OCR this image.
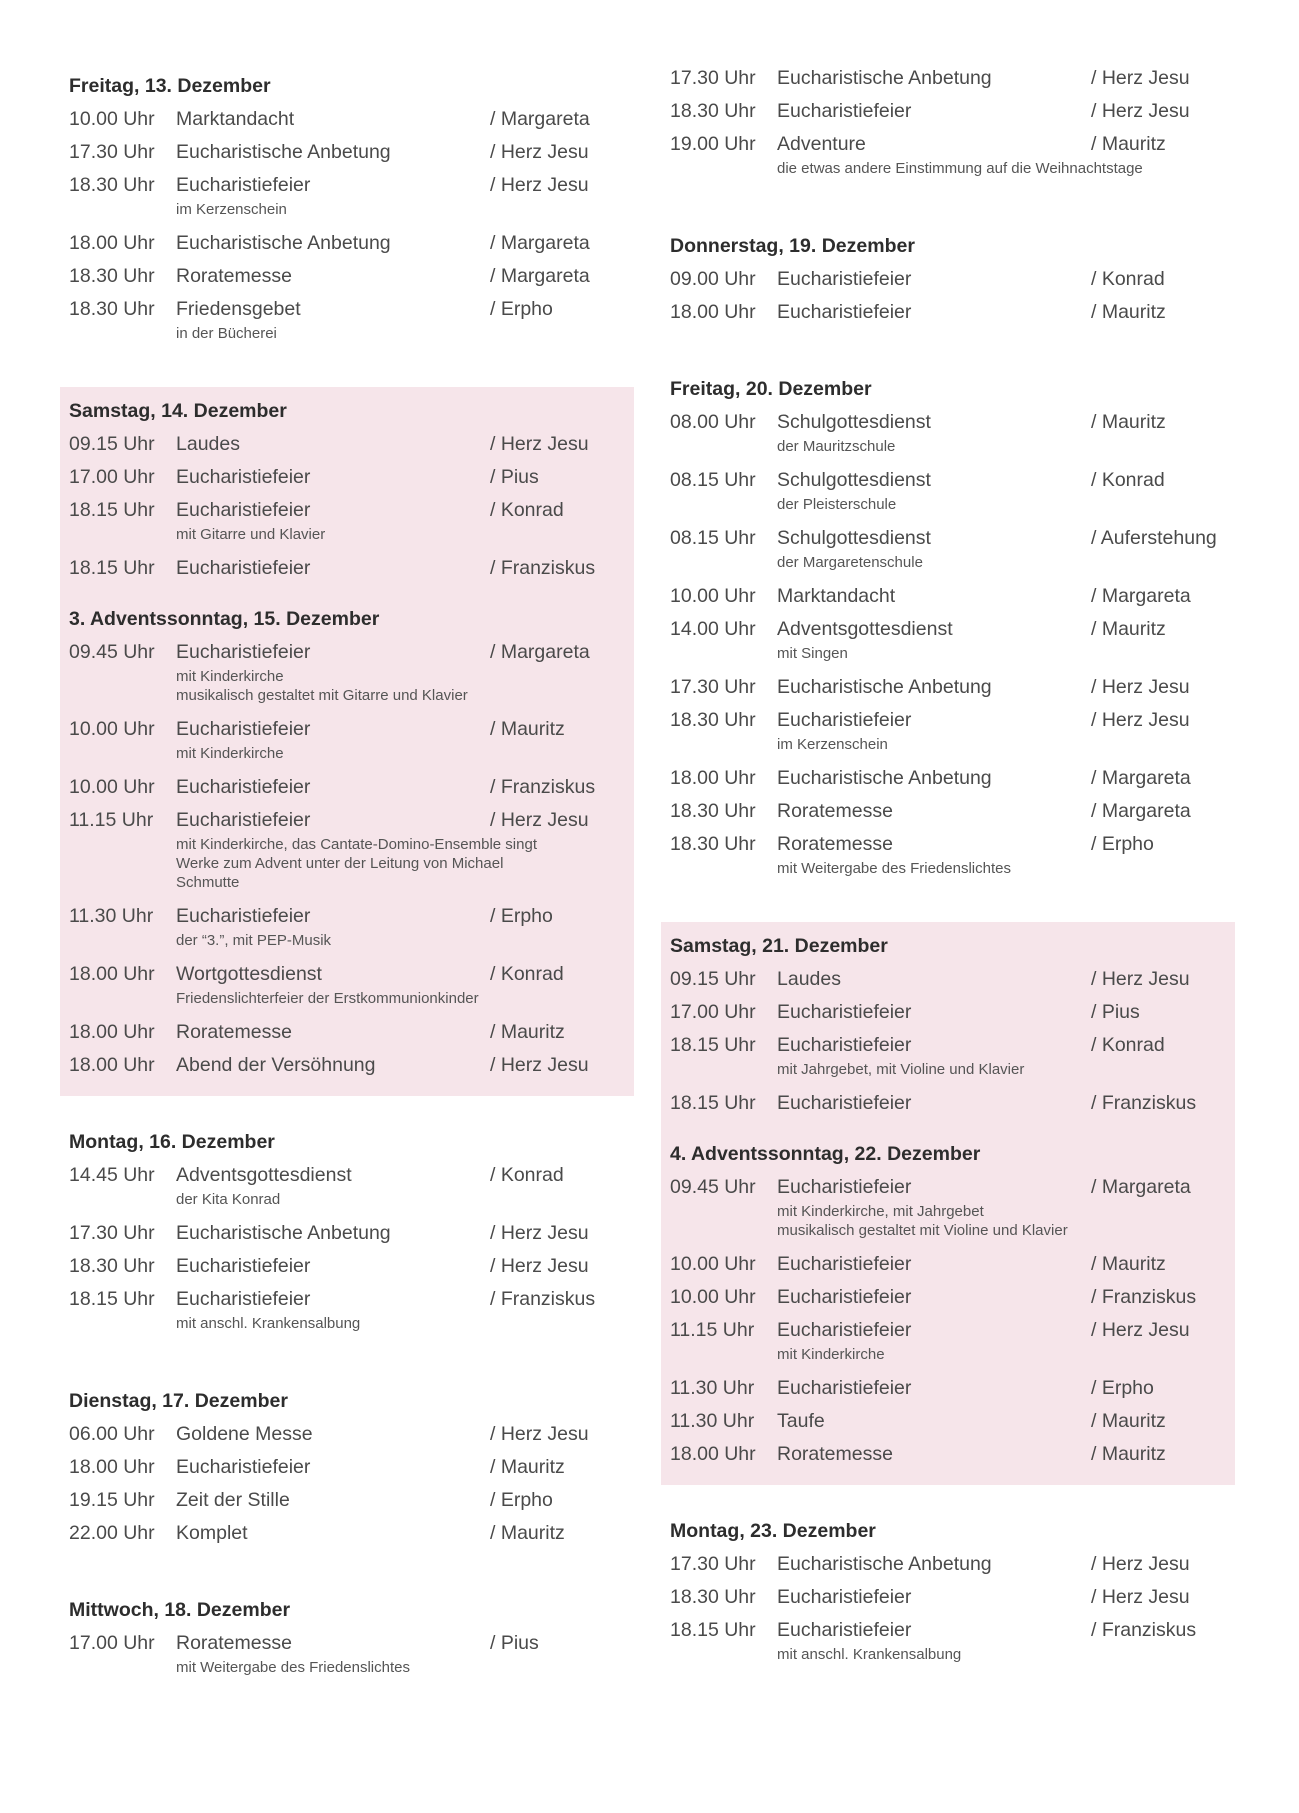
Freitag, 13. Dezember
10.00 Uhr	Marktandacht	/ Margareta
17.30 Uhr	Eucharistische Anbetung	/ Herz Jesu
18.30 Uhr	Eucharistiefeier	/ Herz Jesu
im Kerzenschein
18.00 Uhr	Eucharistische Anbetung	/ Margareta
18.30 Uhr	Roratemesse	/ Margareta
18.30 Uhr	Friedensgebet	/ Erpho
in der Bücherei
Samstag, 14. Dezember
09.15 Uhr	Laudes	/ Herz Jesu
17.00 Uhr	Eucharistiefeier	/ Pius
18.15 Uhr	Eucharistiefeier	/ Konrad
mit Gitarre und Klavier
18.15 Uhr	Eucharistiefeier	/ Franziskus
3. Adventssonntag, 15. Dezember
09.45 Uhr	Eucharistiefeier	/ Margareta
mit Kinderkirche
musikalisch gestaltet mit Gitarre und Klavier
10.00 Uhr	Eucharistiefeier	/ Mauritz
mit Kinderkirche
10.00 Uhr	Eucharistiefeier	/ Franziskus
11.15 Uhr	Eucharistiefeier	/ Herz Jesu
mit Kinderkirche, das Cantate-Domino-Ensemble singt
Werke zum Advent unter der Leitung von Michael
Schmutte
11.30 Uhr	Eucharistiefeier	/ Erpho
der “3.”, mit PEP-Musik
18.00 Uhr	Wortgottesdienst	/ Konrad
Friedenslichterfeier der Erstkommunionkinder
18.00 Uhr	Roratemesse	/ Mauritz
18.00 Uhr	Abend der Versöhnung	/ Herz Jesu
Montag, 16. Dezember
14.45 Uhr	Adventsgottesdienst	/ Konrad
der Kita Konrad
17.30 Uhr	Eucharistische Anbetung	/ Herz Jesu
18.30 Uhr	Eucharistiefeier	/ Herz Jesu
18.15 Uhr	Eucharistiefeier	/ Franziskus
mit anschl. Krankensalbung
Dienstag, 17. Dezember
06.00 Uhr	Goldene Messe	/ Herz Jesu
18.00 Uhr	Eucharistiefeier	/ Mauritz
19.15 Uhr	Zeit der Stille	/ Erpho
22.00 Uhr	Komplet	/ Mauritz
Mittwoch, 18. Dezember
17.00 Uhr	Roratemesse	/ Pius
mit Weitergabe des Friedenslichtes
17.30 Uhr	Eucharistische Anbetung	/ Herz Jesu
18.30 Uhr	Eucharistiefeier	/ Herz Jesu
19.00 Uhr	Adventure	/ Mauritz
die etwas andere Einstimmung auf die Weihnachtstage
Donnerstag, 19. Dezember
09.00 Uhr	Eucharistiefeier	/ Konrad
18.00 Uhr	Eucharistiefeier	/ Mauritz
Freitag, 20. Dezember
08.00 Uhr	Schulgottesdienst	/ Mauritz
der Mauritzschule
08.15 Uhr	Schulgottesdienst	/ Konrad
der Pleisterschule
08.15 Uhr	Schulgottesdienst	/ Auferstehung
der Margaretenschule
10.00 Uhr	Marktandacht	/ Margareta
14.00 Uhr	Adventsgottesdienst	/ Mauritz
mit Singen
17.30 Uhr	Eucharistische Anbetung	/ Herz Jesu
18.30 Uhr	Eucharistiefeier	/ Herz Jesu
im Kerzenschein
18.00 Uhr	Eucharistische Anbetung	/ Margareta
18.30 Uhr	Roratemesse	/ Margareta
18.30 Uhr	Roratemesse	/ Erpho
mit Weitergabe des Friedenslichtes
Samstag, 21. Dezember
09.15 Uhr	Laudes	/ Herz Jesu
17.00 Uhr	Eucharistiefeier	/ Pius
18.15 Uhr	Eucharistiefeier	/ Konrad
mit Jahrgebet, mit Violine und Klavier
18.15 Uhr	Eucharistiefeier	/ Franziskus
4. Adventssonntag, 22. Dezember
09.45 Uhr	Eucharistiefeier	/ Margareta
mit Kinderkirche, mit Jahrgebet
musikalisch gestaltet mit Violine und Klavier
10.00 Uhr	Eucharistiefeier	/ Mauritz
10.00 Uhr	Eucharistiefeier	/ Franziskus
11.15 Uhr	Eucharistiefeier	/ Herz Jesu
mit Kinderkirche
11.30 Uhr	Eucharistiefeier	/ Erpho
11.30 Uhr	Taufe	/ Mauritz
18.00 Uhr	Roratemesse	/ Mauritz
Montag, 23. Dezember
17.30 Uhr	Eucharistische Anbetung	/ Herz Jesu
18.30 Uhr	Eucharistiefeier	/ Herz Jesu
18.15 Uhr	Eucharistiefeier	/ Franziskus
mit anschl. Krankensalbung
